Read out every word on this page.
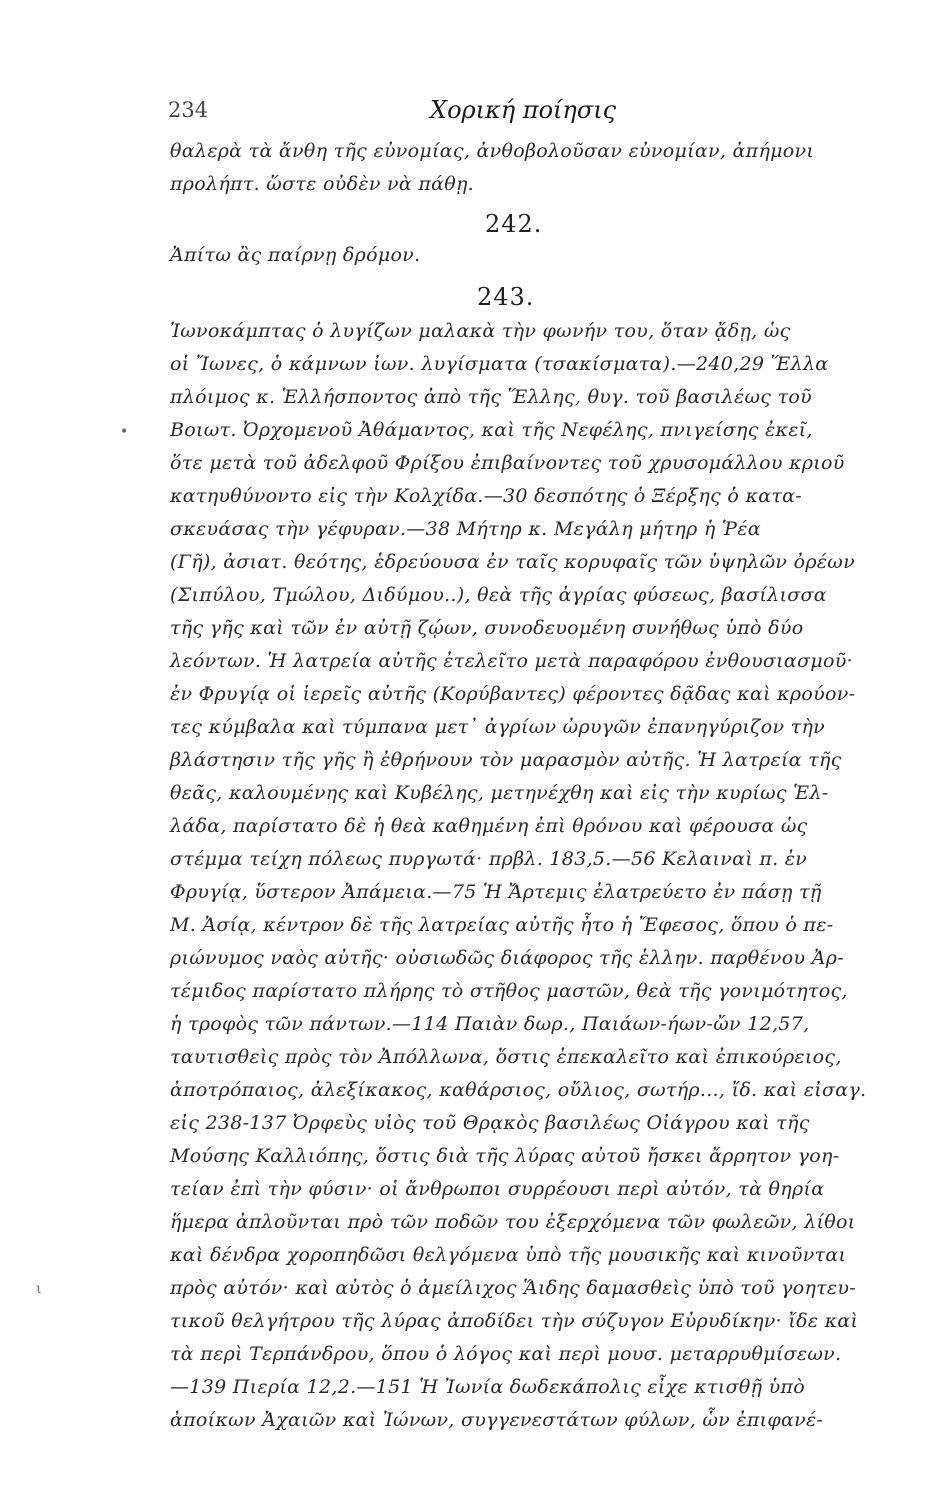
234	Χορική ποίησις
θαλερὰ τὰ ἄνθη τῆς εὐνομίας, ἀνθοβολοῦσαν εὐνομίαν, ἀπήμονι
προλήπτ. ὥστε οὐδὲν νὰ πάθῃ.
242.
Ἀπίτω ἂς παίρνῃ δρόμον.
243.
Ἰωνοκάμπτας ὁ λυγίζων μαλακὰ τὴν φωνήν του, ὅταν ᾄδῃ, ὡς
οἱ Ἴωνες, ὁ κάμνων ἰων. λυγίσματα (τσακίσματα).—240,29 Ἕλλα
πλόιμος κ. Ἑλλήσποντος ἀπὸ τῆς Ἕλλης, θυγ. τοῦ βασιλέως τοῦ
Βοιωτ. Ὀρχομενοῦ Ἀθάμαντος, καὶ τῆς Νεφέλης, πνιγείσης ἐκεῖ,
ὅτε μετὰ τοῦ ἀδελφοῦ Φρίξου ἐπιβαίνοντες τοῦ χρυσομάλλου κριοῦ
κατηυθύνοντο εἰς τὴν Κολχίδα.—30 δεσπότης ὁ Ξέρξης ὁ κατα-
σκευάσας τὴν γέφυραν.—38 Μήτηρ κ. Μεγάλη μήτηρ ἡ Ῥέα
(Γῆ), ἀσιατ. θεότης, ἑδρεύουσα ἐν ταῖς κορυφαῖς τῶν ὑψηλῶν ὀρέων
(Σιπύλου, Τμώλου, Διδύμου..), θεὰ τῆς ἀγρίας φύσεως, βασίλισσα
τῆς γῆς καὶ τῶν ἐν αὐτῇ ζῴων, συνοδευομένη συνήθως ὑπὸ δύο
λεόντων. Ἡ λατρεία αὐτῆς ἐτελεῖτο μετὰ παραφόρου ἐνθουσιασμοῦ·
ἐν Φρυγίᾳ οἱ ἱερεῖς αὐτῆς (Κορύβαντες) φέροντες δᾷδας καὶ κρούον-
τες κύμβαλα καὶ τύμπανα μετ᾽ ἀγρίων ὠρυγῶν ἐπανηγύριζον τὴν
βλάστησιν τῆς γῆς ἢ ἐθρήνουν τὸν μαρασμὸν αὐτῆς. Ἡ λατρεία τῆς
θεᾶς, καλουμένης καὶ Κυβέλης, μετηνέχθη καὶ εἰς τὴν κυρίως Ἑλ-
λάδα, παρίστατο δὲ ἡ θεὰ καθημένη ἐπὶ θρόνου καὶ φέρουσα ὡς
στέμμα τείχη πόλεως πυργωτά· πρβλ. 183,5.—56 Κελαιναὶ π. ἐν
Φρυγίᾳ, ὕστερον Ἀπάμεια.—75 Ἡ Ἄρτεμις ἐλατρεύετο ἐν πάσῃ τῇ
Μ. Ἀσίᾳ, κέντρον δὲ τῆς λατρείας αὐτῆς ἦτο ἡ Ἔφεσος, ὅπου ὁ πε-
ριώνυμος ναὸς αὐτῆς· οὐσιωδῶς διάφορος τῆς ἑλλην. παρθένου Ἀρ-
τέμιδος παρίστατο πλήρης τὸ στῆθος μαστῶν, θεὰ τῆς γονιμότητος,
ἡ τροφὸς τῶν πάντων.—114 Παιὰν δωρ., Παιάων-ήων-ὤν 12,57,
ταυτισθεὶς πρὸς τὸν Ἀπόλλωνα, ὅστις ἐπεκαλεῖτο καὶ ἐπικούρειος,
ἀποτρόπαιος, ἀλεξίκακος, καθάρσιος, οὔλιος, σωτήρ..., ἴδ. καὶ εἰσαγ.
εἰς 238-137 Ὀρφεὺς υἱὸς τοῦ Θρᾳκὸς βασιλέως Οἰάγρου καὶ τῆς
Μούσης Καλλιόπης, ὅστις διὰ τῆς λύρας αὐτοῦ ἤσκει ἄρρητον γοη-
τείαν ἐπὶ τὴν φύσιν· οἱ ἄνθρωποι συρρέουσι περὶ αὐτόν, τὰ θηρία
ἥμερα ἀπλοῦνται πρὸ τῶν ποδῶν του ἐξερχόμενα τῶν φωλεῶν, λίθοι
καὶ δένδρα χοροπηδῶσι θελγόμενα ὑπὸ τῆς μουσικῆς καὶ κινοῦνται
πρὸς αὐτόν· καὶ αὐτὸς ὁ ἀμείλιχος Ἅιδης δαμασθεὶς ὑπὸ τοῦ γοητευ-
τικοῦ θελγήτρου τῆς λύρας ἀποδίδει τὴν σύζυγον Εὐρυδίκην· ἴδε καὶ
τὰ περὶ Τερπάνδρου, ὅπου ὁ λόγος καὶ περὶ μουσ. μεταρρυθμίσεων.
—139 Πιερία 12,2.—151 Ἡ Ἰωνία δωδεκάπολις εἶχε κτισθῇ ὑπὸ
ἀποίκων Ἀχαιῶν καὶ Ἰώνων, συγγενεστάτων φύλων, ὧν ἐπιφανέ-
•
ι
